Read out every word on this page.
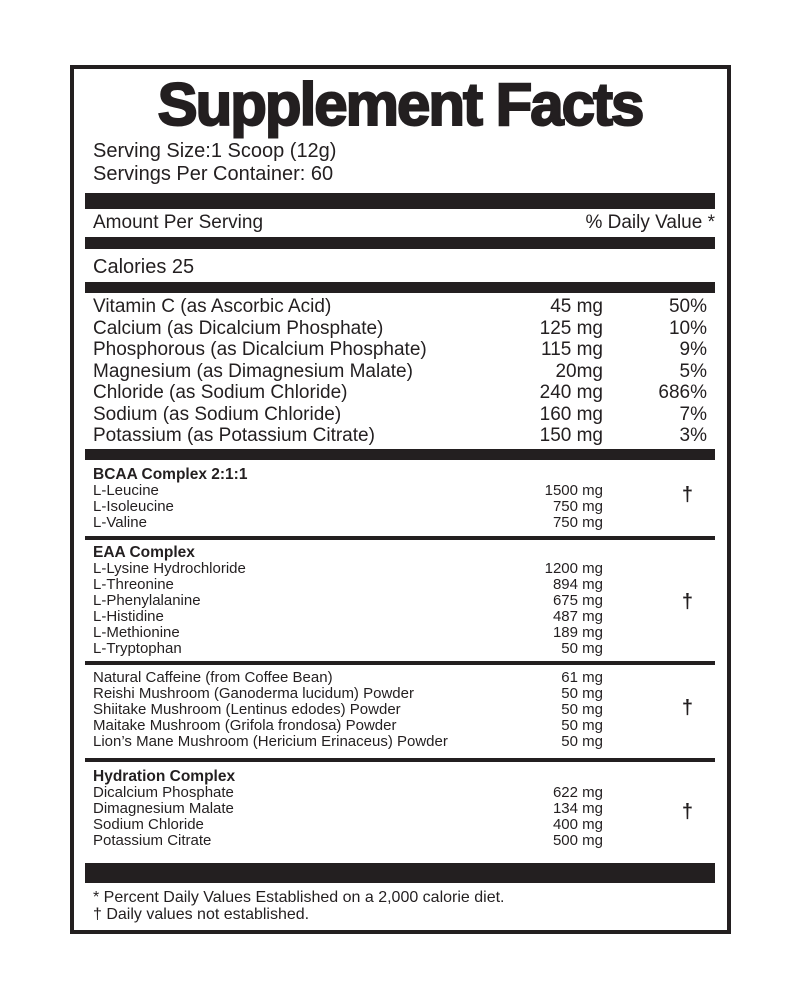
Supplement Facts
Serving Size:1 Scoop (12g)
Servings Per Container: 60
Amount Per Serving	% Daily Value *
Calories 25
Vitamin C (as Ascorbic Acid)	45 mg	50%
Calcium (as Dicalcium Phosphate)	125 mg	10%
Phosphorous (as Dicalcium Phosphate)	115 mg	9%
Magnesium (as Dimagnesium Malate)	20mg	5%
Chloride (as Sodium Chloride)	240 mg	686%
Sodium (as Sodium Chloride)	160 mg	7%
Potassium (as Potassium Citrate)	150 mg	3%
BCAA Complex 2:1:1
L-Leucine	1500 mg
L-Isoleucine	750 mg
L-Valine	750 mg
†
EAA Complex
L-Lysine Hydrochloride	1200 mg
L-Threonine	894 mg
L-Phenylalanine	675 mg
L-Histidine	487 mg
L-Methionine	189 mg
L-Tryptophan	50 mg
†
Natural Caffeine (from Coffee Bean)	61 mg
Reishi Mushroom (Ganoderma lucidum) Powder	50 mg
Shiitake Mushroom (Lentinus edodes) Powder	50 mg
Maitake Mushroom (Grifola frondosa) Powder	50 mg
Lion’s Mane Mushroom (Hericium Erinaceus) Powder	50 mg
†
Hydration Complex
Dicalcium Phosphate	622 mg
Dimagnesium Malate	134 mg
Sodium Chloride	400 mg
Potassium Citrate	500 mg
†
* Percent Daily Values Established on a 2,000 calorie diet.
† Daily values not established.
